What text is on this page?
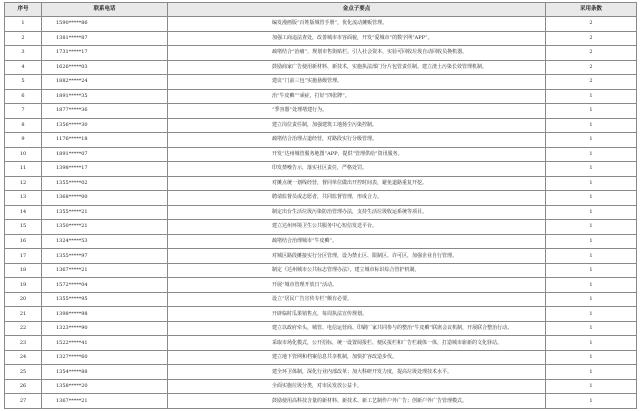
序号	联系电话	金点子要点	采用条数
1	1590*****86	编发漫画版“百姓版城管手册”，优化流动摊贩管理。	2
2	1381*****87	加强工商违法查处，改善城市市容面貌，开发“爱城市”的数字网“APP”。	2
3	1731*****17	疏堵结合“治痼”，规划市售街贴栏。引人社会资本，实验可回收垃圾自动回收员换机器。	2
4	1626*****03	鼓励商家广告使用新材料、新技术，实施执法部门分片包管责任制。建立渣土污染长效管理机制。	2
5	1882*****24	建议“门前三包”实施悬级管理。	2
6	1891*****35	治“牛皮癣”“顽症，打好“四张牌”。	1
7	1877*****36	“季容器”处理堵建行为。	1
8	1356*****30	建立岗位责任制，加强建筑工地扬尘污染控制。	1
9	1176*****18	疏堵结合治理占道经营，对路段实行分级管理。	1
10	1891*****07	开发“达州城管服务地图”APP，提供“管理供给”资讯服务。	1
11	1398*****17	印发禁噪告示，落实社区责任，严格处罚。	1
12	1355*****02	对摊点统一划线经营，督同单位做出开控时间表，避免道路重复开挖。	1
13	1368*****00	聘请监督员或志愿者，共同监督管理，形成合力。	1
14	1355*****21	制定出台生活垃圾污染防治管理办法，支持生活垃圾收运系统等项目。	1
15	1350*****21	建立达州环境卫生公共服务中心短信发送平台。	1
16	1324*****53	疏堵结合治理城市“牛皮癣”。	1
17	1355*****97	对城区路段摊接实行分区管理，设为禁止区、限制区、许可区，加强企业自行管理。	1
18	1367*****21	制定《达州城市公共标志管理办法》，建立城市标识综合管护机制。	1
19	1572*****04	开展“城市管理开放日”活动。	1
20	1355*****95	设立“居民广告宣传专栏”颇有必要。	1
21	1398*****98	开辟临时瓜果销售点，每周执法宣传规划。	1
22	1323*****90	建立以政府牵头，城管、电信运营商、印刷厂家共同参与的整治“牛皮癣”联席会议机制，开展联合整治行动。	1
23	1522*****41	采取市场化模式，公开招标，统一设置阅报栏、便民报栏和广告栏载体一体，打造城市崭新的文化驿站。	1
24	1327*****60	建立地下管网和档案信息共享机制，加快扩容改造步伐。	1
25	1354*****88	建全环卫体制，深化行业内部改革；加大科研开发力度，提高垃圾处理技术水平。	1
26	1358*****20	全面实施垃圾分类，对市民发放公益卡。	1
27	1367*****21	鼓励使用高科技含量的新材料、新技术、新工艺制作户外广告；创新户外广告管理模式。	1
